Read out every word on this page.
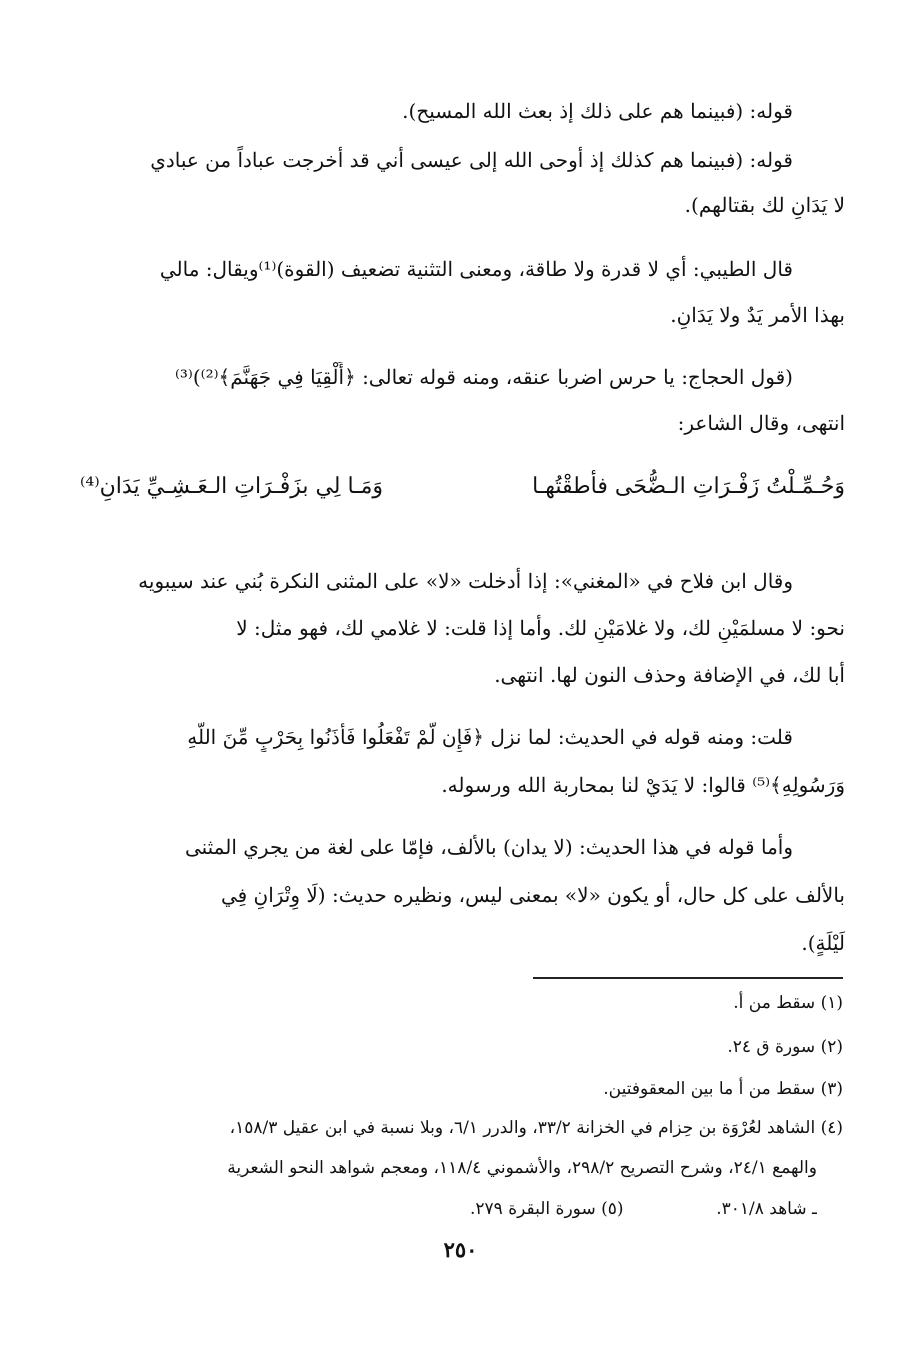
قوله: (فبينما هم على ذلك إذ بعث الله المسيح).
قوله: (فبينما هم كذلك إذ أوحى الله إلى عيسى أني قد أخرجت عباداً من عبادي
لا يَدَانِ لك بقتالهم).
قال الطيبي: أي لا قدرة ولا طاقة، ومعنى التثنية تضعيف (القوة)⁽¹⁾ويقال: مالي
بهذا الأمر يَدٌ ولا يَدَانِ.
(قول الحجاج: يا حرس اضربا عنقه، ومنه قوله تعالى: ﴿أَلْقِيَا فِي جَهَنَّمَ﴾⁽²⁾)⁽³⁾
انتهى، وقال الشاعر:
وَحُـمِّـلْتُ زَفْـرَاتِ الـضُّحَى فأطقْتُهـا
وَمَـا لِي بزَفْـرَاتِ الـعَـشِـيِّ يَدَانِ⁽⁴⁾
وقال ابن فلاح في «المغني»: إذا أدخلت «لا» على المثنى النكرة بُني عند سيبويه
نحو: لا مسلمَيْنِ لك، ولا غلامَيْنِ لك. وأما إذا قلت: لا غلامي لك، فهو مثل: لا
أبا لك، في الإضافة وحذف النون لها. انتهى.
قلت: ومنه قوله في الحديث: لما نزل ﴿فَإِن لَّمْ تَفْعَلُوا فَأْذَنُوا بِحَرْبٍ مِّنَ اللَّهِ
وَرَسُولِهِ﴾⁽⁵⁾ قالوا: لا يَدَيْ لنا بمحاربة الله ورسوله.
وأما قوله في هذا الحديث: (لا يدان) بالألف، فإمّا على لغة من يجري المثنى
بالألف على كل حال، أو يكون «لا» بمعنى ليس، ونظيره حديث: (لَا وِتْرَانِ فِي
لَيْلَةٍ).
(١) سقط من أ.
(٢) سورة ق ٢٤.
(٣) سقط من أ ما بين المعقوفتين.
(٤) الشاهد لعُرْوَة بن حِزام في الخزانة ٣٣/٢، والدرر ٦/١، وبلا نسبة في ابن عقيل ١٥٨/٣،
والهمع ٢٤/١، وشرح التصريح ٢٩٨/٢، والأشموني ١١٨/٤، ومعجم شواهد النحو الشعرية
ـ شاهد ٣٠١/٨.
(٥) سورة البقرة ٢٧٩.
٢٥٠
